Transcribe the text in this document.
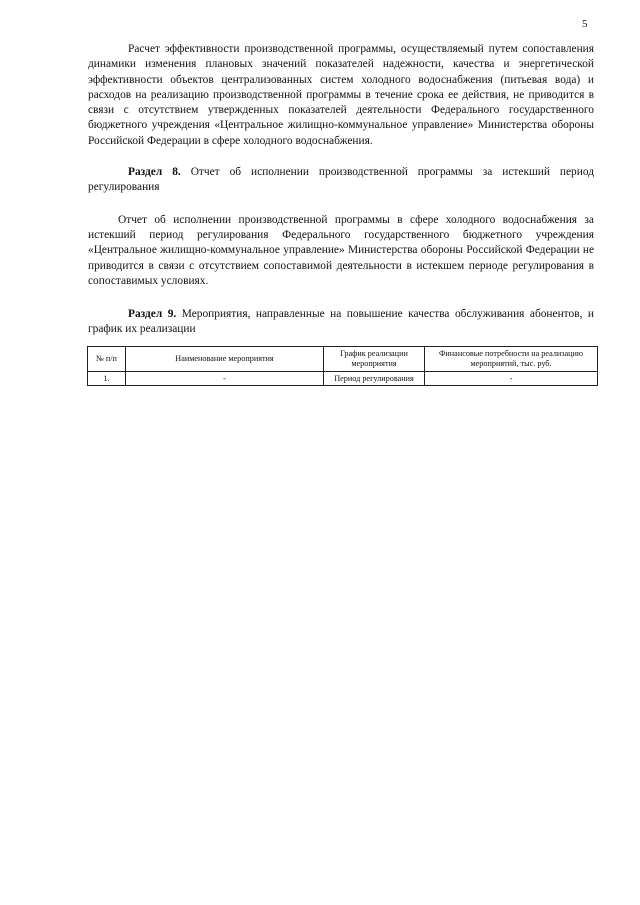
5

Расчет эффективности производственной программы, осуществляемый путем сопоставления динамики изменения плановых значений показателей надежности, качества и энергетической эффективности объектов централизованных систем холодного водоснабжения (питьевая вода) и расходов на реализацию производственной программы в течение срока ее действия, не приводится в связи с отсутствием утвержденных показателей деятельности Федерального государственного бюджетного учреждения «Центральное жилищно-коммунальное управление» Министерства обороны Российской Федерации в сфере холодного водоснабжения.

Раздел 8. Отчет об исполнении производственной программы за истекший период регулирования

Отчет об исполнении производственной программы в сфере холодного водоснабжения за истекший период регулирования Федерального государственного бюджетного учреждения «Центральное жилищно-коммунальное управление» Министерства обороны Российской Федерации не приводится в связи с отсутствием сопоставимой деятельности в истекшем периоде регулирования в сопоставимых условиях.

Раздел 9. Мероприятия, направленные на повышение качества обслуживания абонентов, и график их реализации

№ п/п	Наименование мероприятия	График реализации мероприятия	Финансовые потребности на реализацию мероприятий, тыс. руб.
1.	-	Период регулирования	-
